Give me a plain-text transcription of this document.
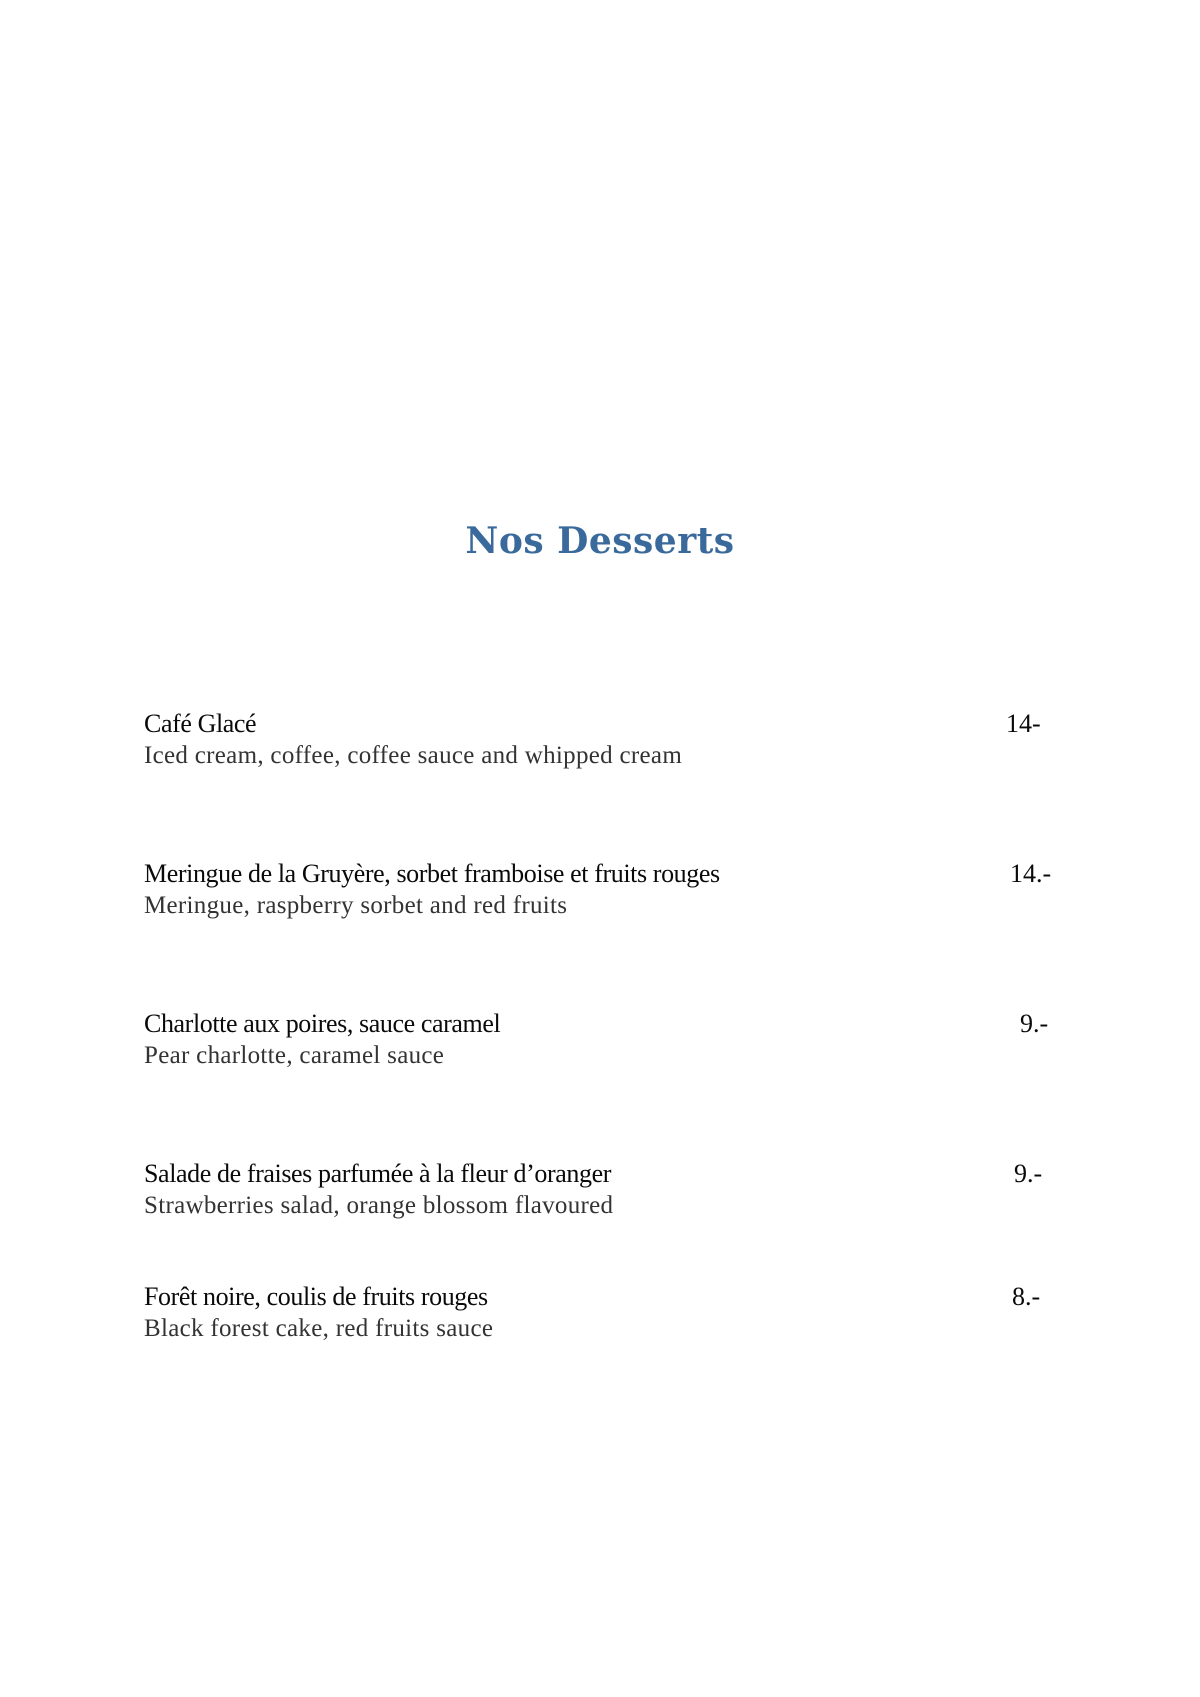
Nos Desserts
Café Glacé
Iced cream, coffee, coffee sauce and whipped cream
14-
Meringue de la Gruyère, sorbet framboise et fruits rouges
Meringue, raspberry sorbet and red fruits
14.-
Charlotte aux poires, sauce caramel
Pear charlotte, caramel sauce
9.-
Salade de fraises parfumée à la fleur d’oranger
Strawberries salad, orange blossom flavoured
9.-
Forêt noire, coulis de fruits rouges
Black forest cake, red fruits sauce
8.-
